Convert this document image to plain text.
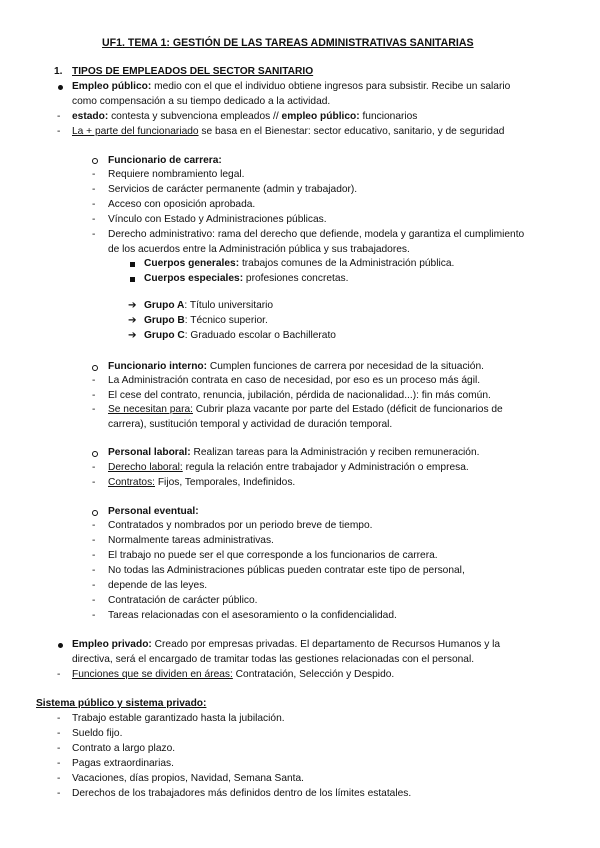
UF1. TEMA 1: GESTIÓN DE LAS TAREAS ADMINISTRATIVAS SANITARIAS
1. TIPOS DE EMPLEADOS DEL SECTOR SANITARIO
Empleo público: medio con el que el individuo obtiene ingresos para subsistir. Recibe un salario
como compensación a su tiempo dedicado a la actividad.
- estado: contesta y subvenciona empleados // empleo público: funcionarios
- La + parte del funcionariado se basa en el Bienestar: sector educativo, sanitario, y de seguridad
Funcionario de carrera:
- Requiere nombramiento legal.
- Servicios de carácter permanente (admin y trabajador).
- Acceso con oposición aprobada.
- Vínculo con Estado y Administraciones públicas.
- Derecho administrativo: rama del derecho que defiende, modela y garantiza el cumplimiento
de los acuerdos entre la Administración pública y sus trabajadores.
Cuerpos generales: trabajos comunes de la Administración pública.
Cuerpos especiales: profesiones concretas.
➔ Grupo A: Título universitario
➔ Grupo B: Técnico superior.
➔ Grupo C: Graduado escolar o Bachillerato
Funcionario interno: Cumplen funciones de carrera por necesidad de la situación.
- La Administración contrata en caso de necesidad, por eso es un proceso más ágil.
- El cese del contrato, renuncia, jubilación, pérdida de nacionalidad...): fin más común.
- Se necesitan para: Cubrir plaza vacante por parte del Estado (déficit de funcionarios de
carrera), sustitución temporal y actividad de duración temporal.
Personal laboral: Realizan tareas para la Administración y reciben remuneración.
- Derecho laboral: regula la relación entre trabajador y Administración o empresa.
- Contratos: Fijos, Temporales, Indefinidos.
Personal eventual:
- Contratados y nombrados por un periodo breve de tiempo.
- Normalmente tareas administrativas.
- El trabajo no puede ser el que corresponde a los funcionarios de carrera.
- No todas las Administraciones públicas pueden contratar este tipo de personal,
- depende de las leyes.
- Contratación de carácter público.
- Tareas relacionadas con el asesoramiento o la confidencialidad.
Empleo privado: Creado por empresas privadas. El departamento de Recursos Humanos y la
directiva, será el encargado de tramitar todas las gestiones relacionadas con el personal.
- Funciones que se dividen en áreas: Contratación, Selección y Despido.
Sistema público y sistema privado:
- Trabajo estable garantizado hasta la jubilación.
- Sueldo fijo.
- Contrato a largo plazo.
- Pagas extraordinarias.
- Vacaciones, días propios, Navidad, Semana Santa.
- Derechos de los trabajadores más definidos dentro de los límites estatales.
